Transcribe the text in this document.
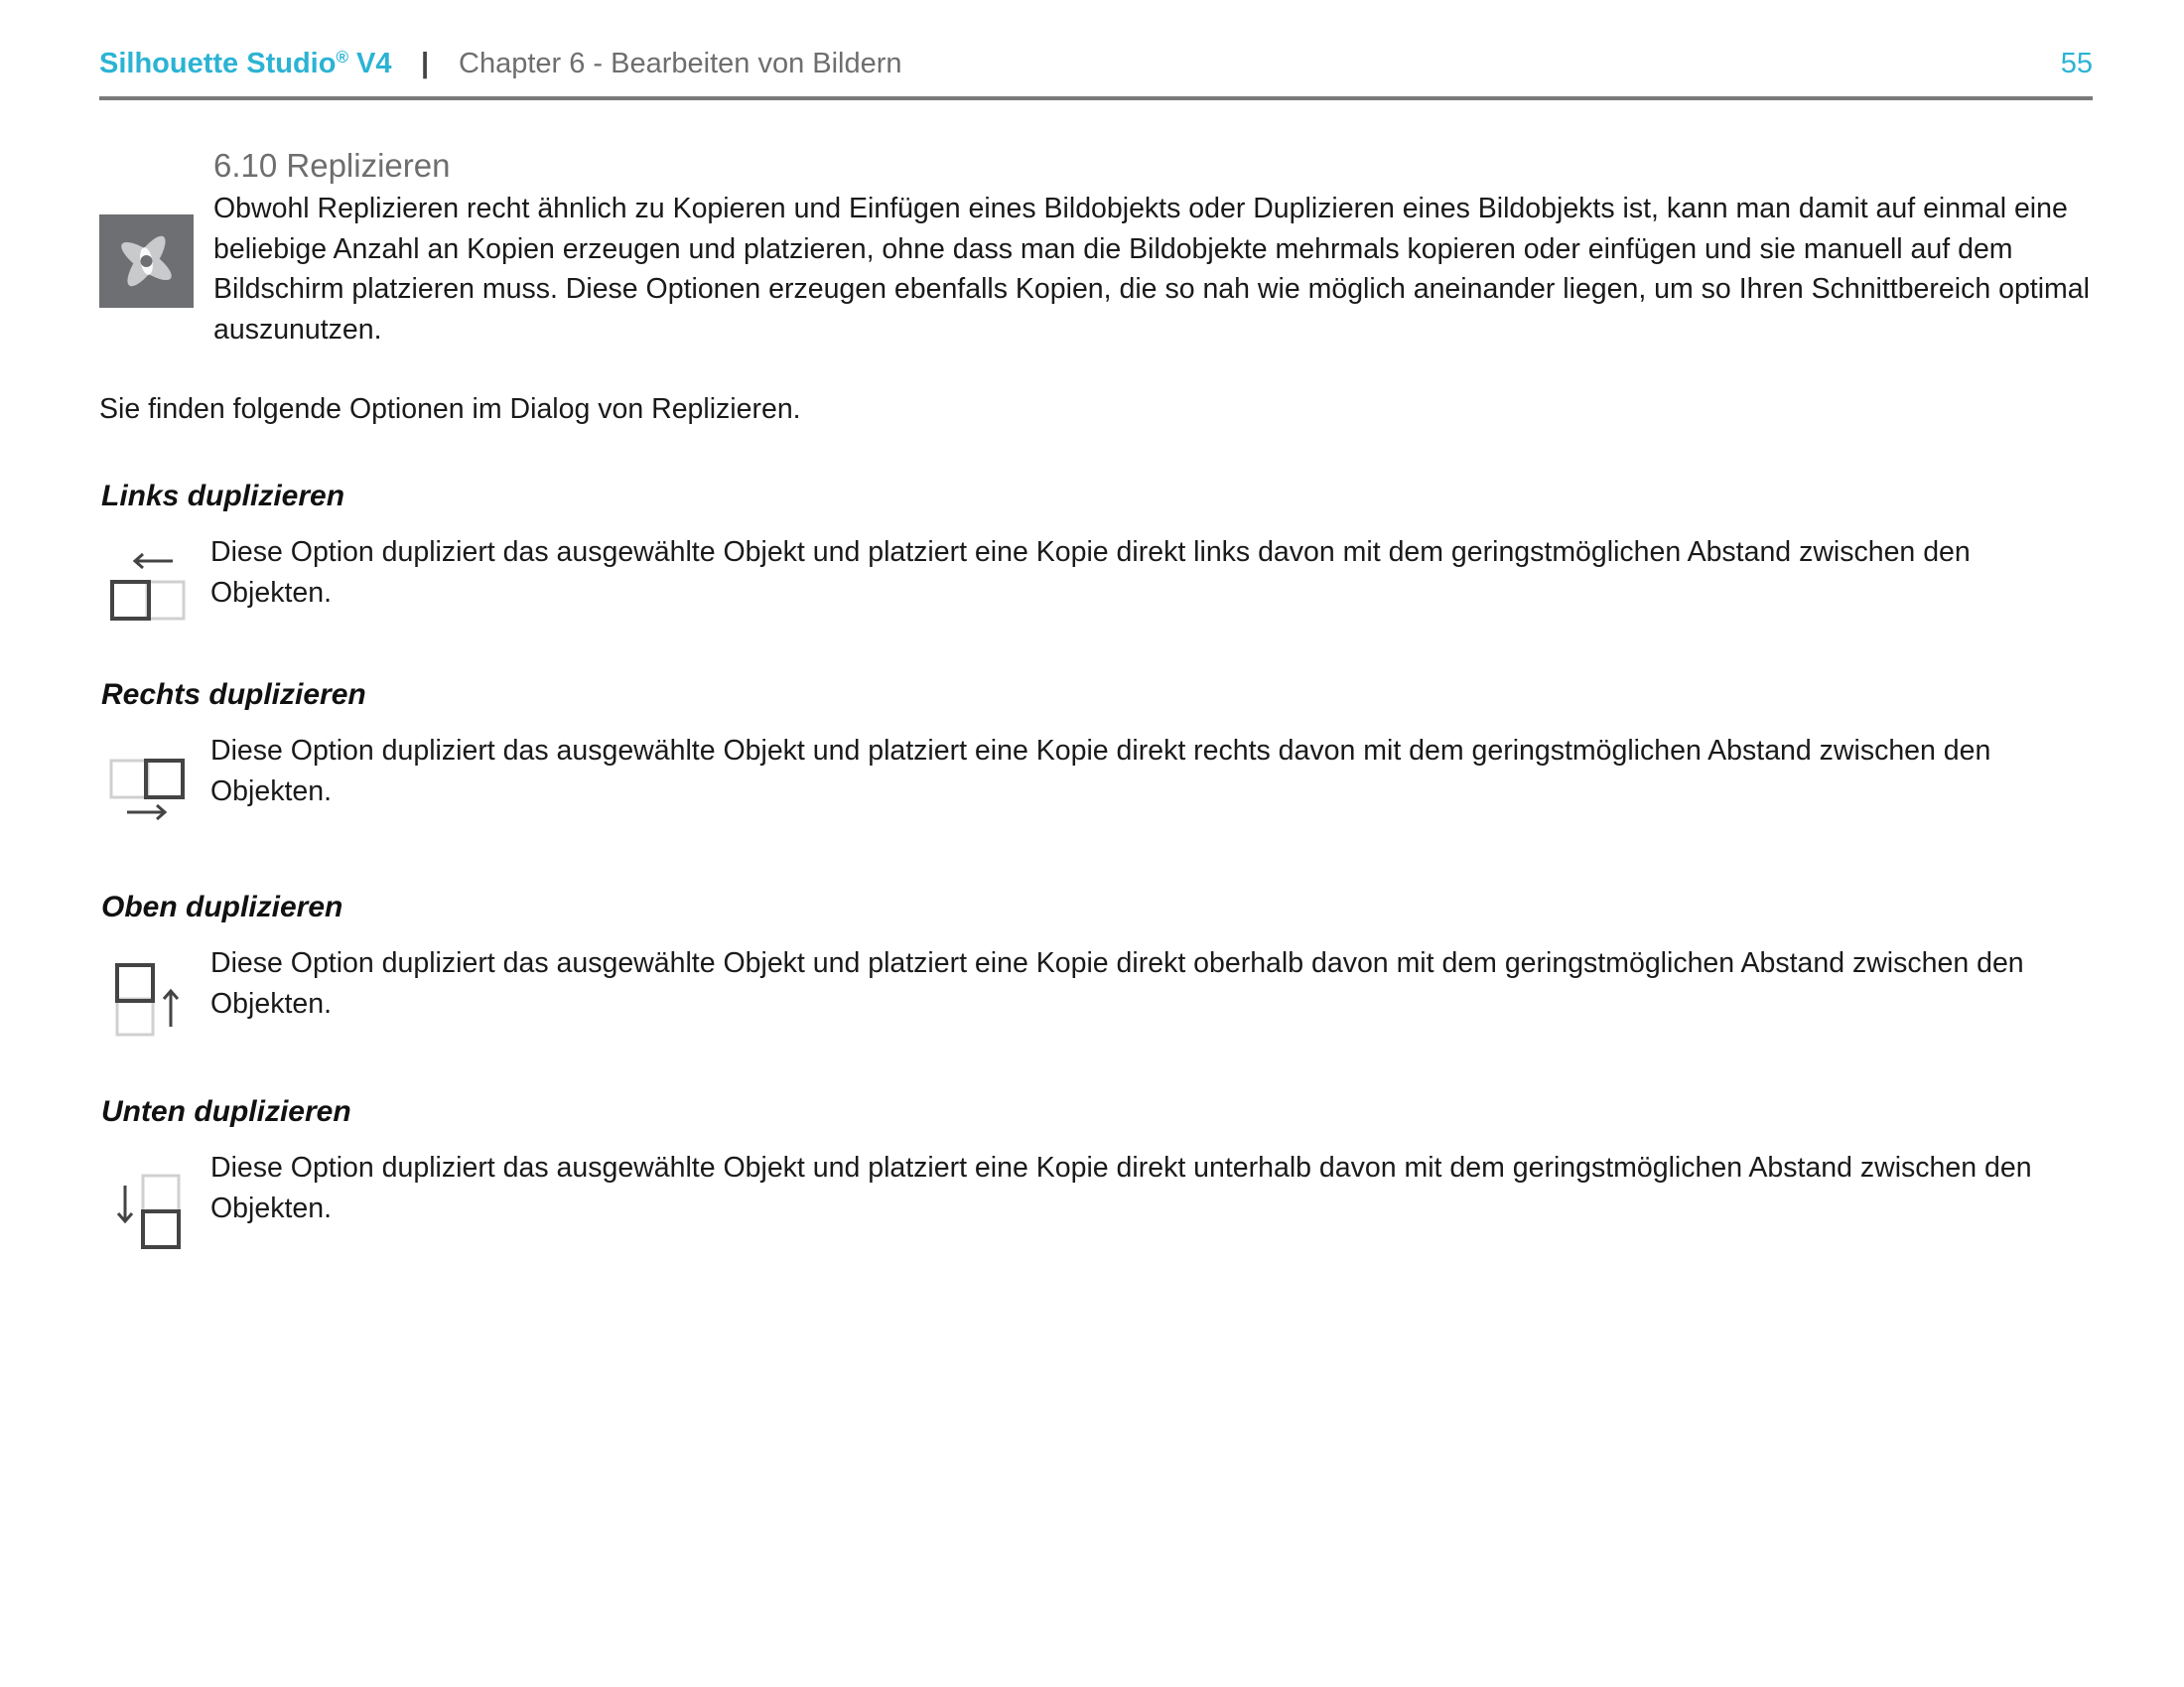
Silhouette Studio® V4 | Chapter 6 - Bearbeiten von Bildern	55
6.10 Replizieren
Obwohl Replizieren recht ähnlich zu Kopieren und Einfügen eines Bildobjekts oder Duplizieren eines Bildobjekts ist, kann man damit auf einmal eine beliebige Anzahl an Kopien erzeugen und platzieren, ohne dass man die Bildobjekte mehrmals kopieren oder einfügen und sie manuell auf dem Bildschirm platzieren muss. Diese Optionen erzeugen ebenfalls Kopien, die so nah wie möglich aneinander liegen, um so Ihren Schnittbereich optimal auszunutzen.
Sie finden folgende Optionen im Dialog von Replizieren.
Links duplizieren
Diese Option dupliziert das ausgewählte Objekt und platziert eine Kopie direkt links davon mit dem geringstmöglichen Abstand zwischen den Objekten.
Rechts duplizieren
Diese Option dupliziert das ausgewählte Objekt und platziert eine Kopie direkt rechts davon mit dem geringstmöglichen Abstand zwischen den Objekten.
Oben duplizieren
Diese Option dupliziert das ausgewählte Objekt und platziert eine Kopie direkt oberhalb davon mit dem geringstmöglichen Abstand zwischen den Objekten.
Unten duplizieren
Diese Option dupliziert das ausgewählte Objekt und platziert eine Kopie direkt unterhalb davon mit dem geringstmöglichen Abstand zwischen den Objekten.
